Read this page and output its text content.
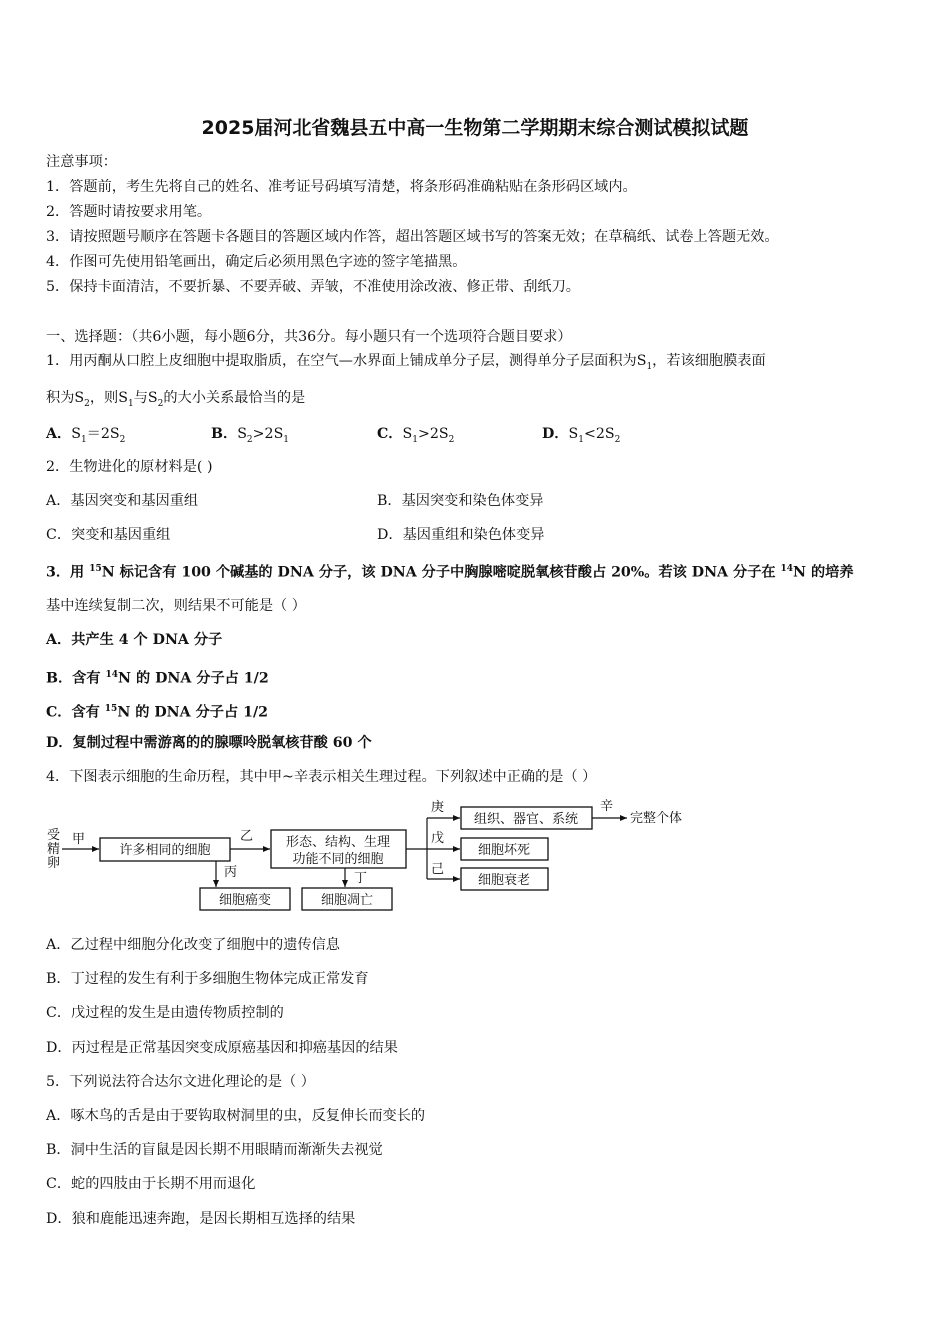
2025届河北省魏县五中高一生物第二学期期末综合测试模拟试题
注意事项：
1．答题前，考生先将自己的姓名、准考证号码填写清楚，将条形码准确粘贴在条形码区域内。
2．答题时请按要求用笔。
3．请按照题号顺序在答题卡各题目的答题区域内作答，超出答题区域书写的答案无效；在草稿纸、试卷上答题无效。
4．作图可先使用铅笔画出，确定后必须用黑色字迹的签字笔描黑。
5．保持卡面清洁，不要折暴、不要弄破、弄皱，不准使用涂改液、修正带、刮纸刀。
一、选择题：（共6小题，每小题6分，共36分。每小题只有一个选项符合题目要求）
1．用丙酮从口腔上皮细胞中提取脂质，在空气—水界面上铺成单分子层，测得单分子层面积为$S_1$，若该细胞膜表面
积为$S_2$，则$S_1$与$S_2$的大小关系最恰当的是
A．$S_1=2S_2$	B．$S_2>2S_1$	C．$S_1>2S_2$	D．$S_1<2S_2$
2．生物进化的原材料是( )
A．基因突变和基因重组	B．基因突变和染色体变异
C．突变和基因重组	D．基因重组和染色体变异
3．用 $^{15}$N 标记含有 100 个碱基的 DNA 分子，该 DNA 分子中胸腺嘧啶脱氧核苷酸占 20%。若该 DNA 分子在 $^{14}$N 的培养
基中连续复制二次，则结果不可能是（ ）
A．共产生 4 个 DNA 分子
B．含有 $^{14}$N 的 DNA 分子占 1/2
C．含有 $^{15}$N 的 DNA 分子占 1/2
D．复制过程中需游离的的腺嘌呤脱氧核苷酸 60 个
4．下图表示细胞的生命历程，其中甲~辛表示相关生理过程。下列叙述中正确的是（ ）
受
精
卵
甲
许多相同的细胞
乙
丙
细胞癌变
形态、结构、生理
功能不同的细胞
丁
细胞凋亡
庚
戊
己
组织、器官、系统
细胞坏死
细胞衰老
辛
完整个体
A．乙过程中细胞分化改变了细胞中的遗传信息
B．丁过程的发生有利于多细胞生物体完成正常发育
C．戊过程的发生是由遗传物质控制的
D．丙过程是正常基因突变成原癌基因和抑癌基因的结果
5．下列说法符合达尔文进化理论的是（ ）
A．啄木鸟的舌是由于要钩取树洞里的虫，反复伸长而变长的
B．洞中生活的盲鼠是因长期不用眼睛而渐渐失去视觉
C．蛇的四肢由于长期不用而退化
D．狼和鹿能迅速奔跑，是因长期相互选择的结果
